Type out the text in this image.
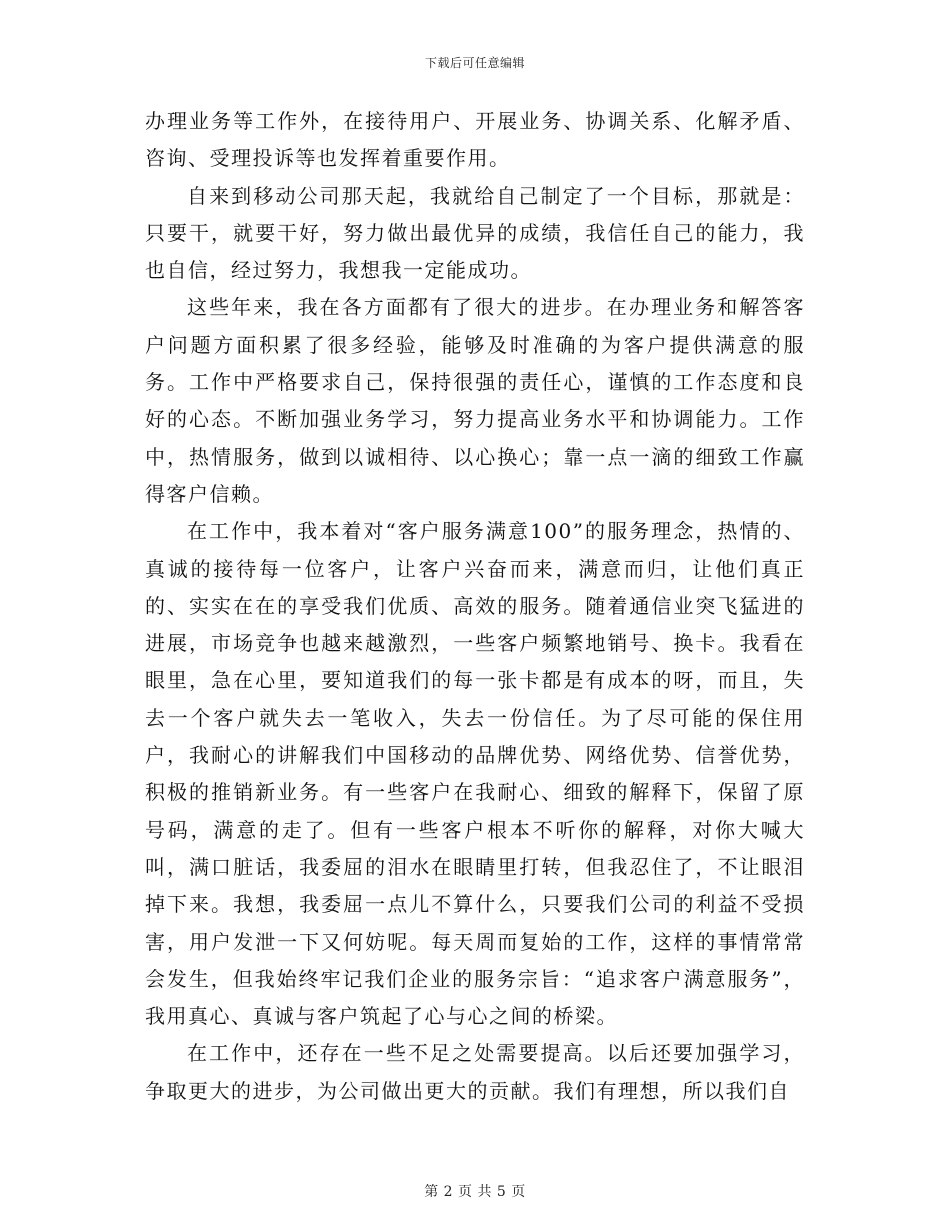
下载后可任意编辑

办理业务等工作外，在接待用户、开展业务、协调关系、化解矛盾、咨询、受理投诉等也发挥着重要作用。

自来到移动公司那天起，我就给自己制定了一个目标，那就是：只要干，就要干好，努力做出最优异的成绩，我信任自己的能力，我也自信，经过努力，我想我一定能成功。

这些年来，我在各方面都有了很大的进步。在办理业务和解答客户问题方面积累了很多经验，能够及时准确的为客户提供满意的服务。工作中严格要求自己，保持很强的责任心，谨慎的工作态度和良好的心态。不断加强业务学习，努力提高业务水平和协调能力。工作中，热情服务，做到以诚相待、以心换心；靠一点一滴的细致工作赢得客户信赖。

在工作中，我本着对“客户服务满意100”的服务理念，热情的、真诚的接待每一位客户，让客户兴奋而来，满意而归，让他们真正的、实实在在的享受我们优质、高效的服务。随着通信业突飞猛进的进展，市场竞争也越来越激烈，一些客户频繁地销号、换卡。我看在眼里，急在心里，要知道我们的每一张卡都是有成本的呀，而且，失去一个客户就失去一笔收入，失去一份信任。为了尽可能的保住用户，我耐心的讲解我们中国移动的品牌优势、网络优势、信誉优势，积极的推销新业务。有一些客户在我耐心、细致的解释下，保留了原号码，满意的走了。但有一些客户根本不听你的解释，对你大喊大叫，满口脏话，我委屈的泪水在眼睛里打转，但我忍住了，不让眼泪掉下来。我想，我委屈一点儿不算什么，只要我们公司的利益不受损害，用户发泄一下又何妨呢。每天周而复始的工作，这样的事情常常会发生，但我始终牢记我们企业的服务宗旨：“追求客户满意服务”，我用真心、真诚与客户筑起了心与心之间的桥梁。

在工作中，还存在一些不足之处需要提高。以后还要加强学习，争取更大的进步，为公司做出更大的贡献。我们有理想，所以我们自

第 2 页 共 5 页
